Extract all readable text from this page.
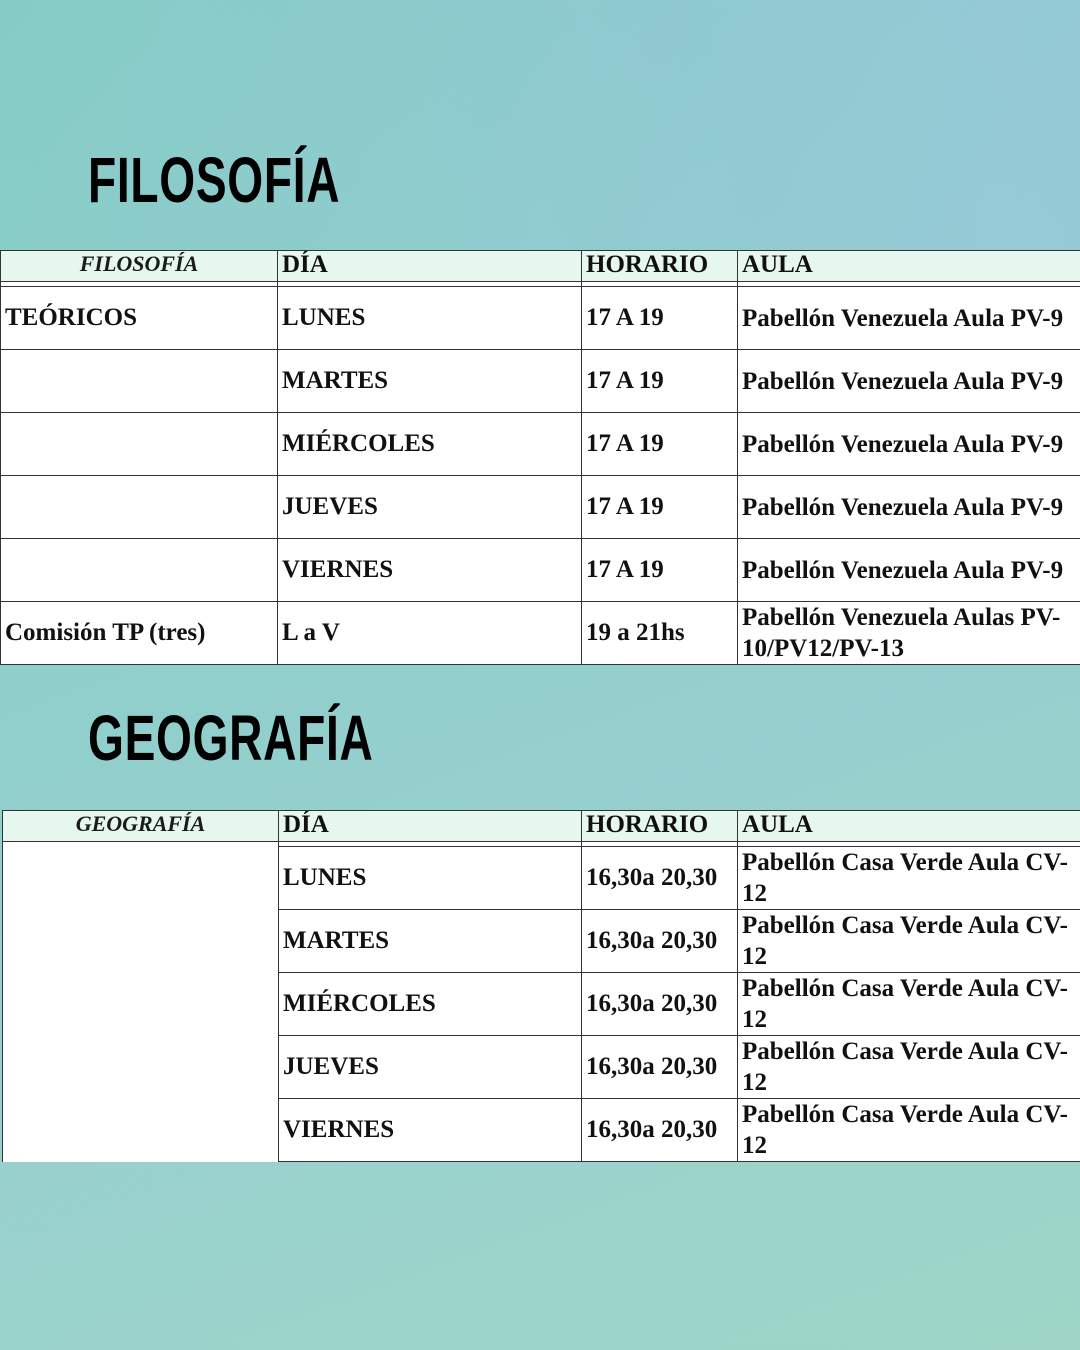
FILOSOFÍA
FILOSOFÍA	DÍA	HORARIO	AULA

TEÓRICOS	LUNES	17 A 19	Pabellón Venezuela Aula PV-9
	MARTES	17 A 19	Pabellón Venezuela Aula PV-9
	MIÉRCOLES	17 A 19	Pabellón Venezuela Aula PV-9
	JUEVES	17 A 19	Pabellón Venezuela Aula PV-9
	VIERNES	17 A 19	Pabellón Venezuela Aula PV-9
Comisión TP (tres)	L a V	19 a 21hs	Pabellón Venezuela Aulas PV-10/PV12/PV-13
GEOGRAFÍA
GEOGRAFÍA	DÍA	HORARIO	AULA

	LUNES	16,30a 20,30	Pabellón Casa Verde Aula CV-12
	MARTES	16,30a 20,30	Pabellón Casa Verde Aula CV-12
	MIÉRCOLES	16,30a 20,30	Pabellón Casa Verde Aula CV-12
	JUEVES	16,30a 20,30	Pabellón Casa Verde Aula CV-12
	VIERNES	16,30a 20,30	Pabellón Casa Verde Aula CV-12
